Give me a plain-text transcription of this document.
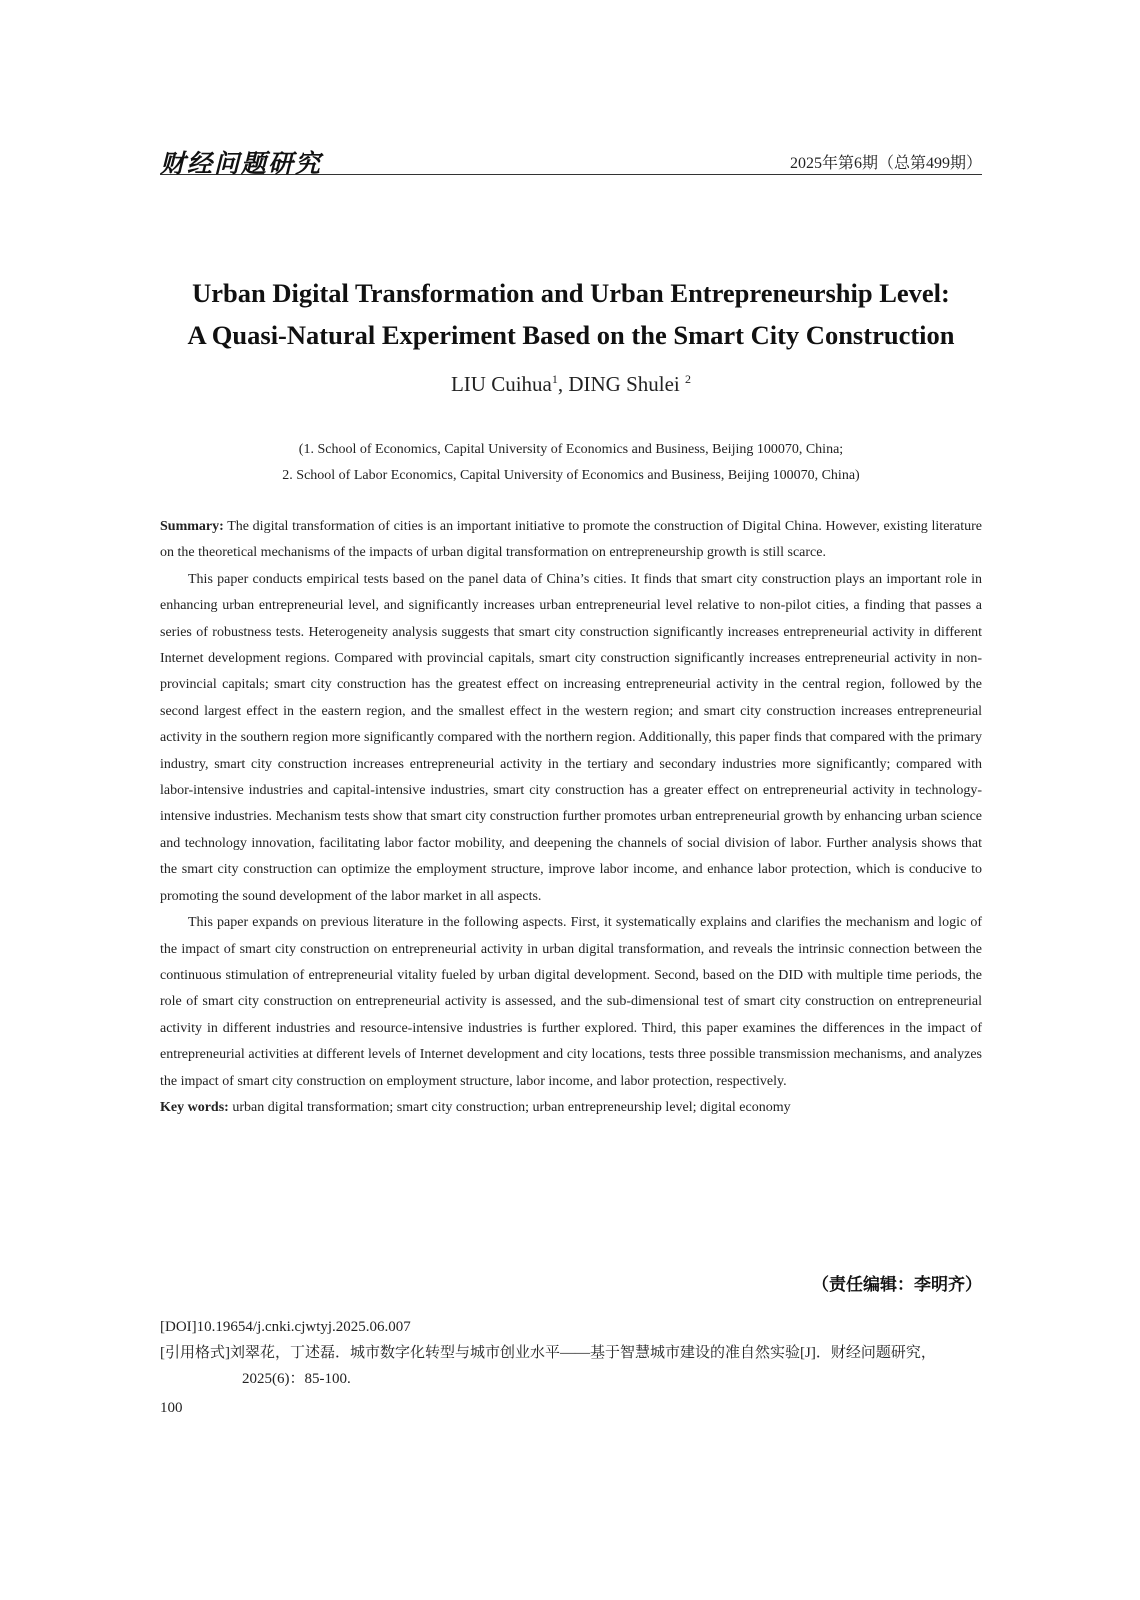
财经问题研究	2025年第6期（总第499期）
Urban Digital Transformation and Urban Entrepreneurship Level:
A Quasi-Natural Experiment Based on the Smart City Construction
LIU Cuihua$^1$, DING Shulei $^2$
(1. School of Economics, Capital University of Economics and Business, Beijing 100070, China;
2. School of Labor Economics, Capital University of Economics and Business, Beijing 100070, China)

Summary: The digital transformation of cities is an important initiative to promote the construction of Digital China. However, existing literature on the theoretical mechanisms of the impacts of urban digital transformation on entrepreneurship growth is still scarce.

This paper conducts empirical tests based on the panel data of China’s cities. It finds that smart city construction plays an important role in enhancing urban entrepreneurial level, and significantly increases urban entrepreneurial level relative to non-pilot cities, a finding that passes a series of robustness tests. Heterogeneity analysis suggests that smart city construction significantly increases entrepreneurial activity in different Internet development regions. Compared with provincial capitals, smart city construction significantly increases entrepreneurial activity in non-provincial capitals; smart city construction has the greatest effect on increasing entrepreneurial activity in the central region, followed by the second largest effect in the eastern region, and the smallest effect in the western region; and smart city construction increases entrepreneurial activity in the southern region more significantly compared with the northern region. Additionally, this paper finds that compared with the primary industry, smart city construction increases entrepreneurial activity in the tertiary and secondary industries more significantly; compared with labor-intensive industries and capital-intensive industries, smart city construction has a greater effect on entrepreneurial activity in technology-intensive industries. Mechanism tests show that smart city construction further promotes urban entrepreneurial growth by enhancing urban science and technology innovation, facilitating labor factor mobility, and deepening the channels of social division of labor. Further analysis shows that the smart city construction can optimize the employment structure, improve labor income, and enhance labor protection, which is conducive to promoting the sound development of the labor market in all aspects.

This paper expands on previous literature in the following aspects. First, it systematically explains and clarifies the mechanism and logic of the impact of smart city construction on entrepreneurial activity in urban digital transformation, and reveals the intrinsic connection between the continuous stimulation of entrepreneurial vitality fueled by urban digital development. Second, based on the DID with multiple time periods, the role of smart city construction on entrepreneurial activity is assessed, and the sub-dimensional test of smart city construction on entrepreneurial activity in different industries and resource-intensive industries is further explored. Third, this paper examines the differences in the impact of entrepreneurial activities at different levels of Internet development and city locations, tests three possible transmission mechanisms, and analyzes the impact of smart city construction on employment structure, labor income, and labor protection, respectively.

Key words: urban digital transformation; smart city construction; urban entrepreneurship level; digital economy

（责任编辑：李明齐）
[DOI]10.19654/j.cnki.cjwtyj.2025.06.007
[引用格式]刘翠花，丁述磊．城市数字化转型与城市创业水平——基于智慧城市建设的准自然实验[J]．财经问题研究，2025(6)：85-100.
100
